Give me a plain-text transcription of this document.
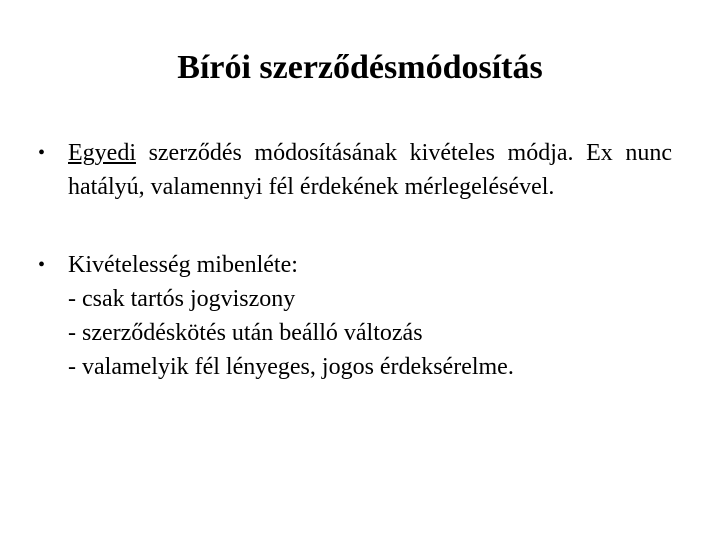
Bírói szerződésmódosítás
• Egyedi szerződés módosításának kivételes módja. Ex nunc hatályú, valamennyi fél érdekének mérlegelésével.
• Kivételesség mibenléte:
- csak tartós jogviszony
- szerződéskötés után beálló változás
- valamelyik fél lényeges, jogos érdeksérelme.
